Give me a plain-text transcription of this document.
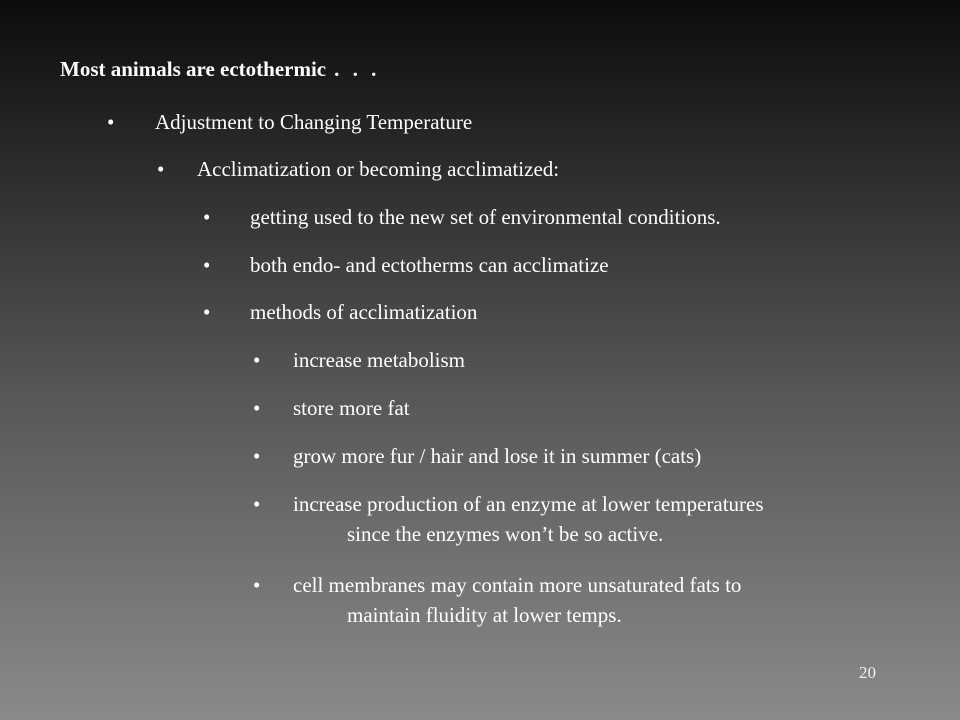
Most animals are ectothermic . . .
• Adjustment to Changing Temperature
• Acclimatization or becoming acclimatized:
• getting used to the new set of environmental conditions.
• both endo- and ectotherms can acclimatize
• methods of acclimatization
• increase metabolism
• store more fat
• grow more fur / hair and lose it in summer (cats)
• increase production of an enzyme at lower temperatures
since the enzymes won’t be so active.
• cell membranes may contain more unsaturated fats to
maintain fluidity at lower temps.
20
